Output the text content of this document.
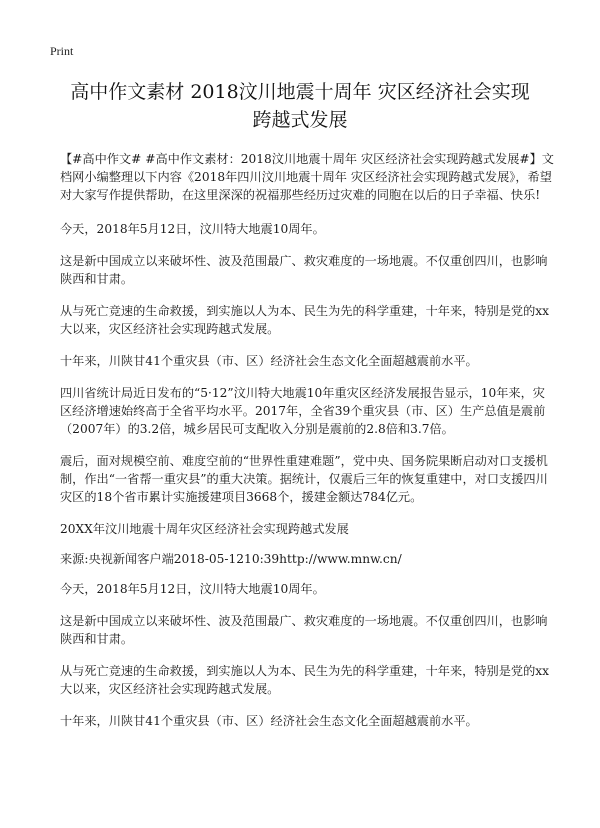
Print
高中作文素材 2018汶川地震十周年 灾区经济社会实现
跨越式发展

【#高中作文# #高中作文素材：2018汶川地震十周年 灾区经济社会实现跨越式发展#】文档网小编整理以下内容《2018年四川汶川地震十周年 灾区经济社会实现跨越式发展》，希望对大家写作提供帮助，在这里深深的祝福那些经历过灾难的同胞在以后的日子幸福、快乐!

今天，2018年5月12日，汶川特大地震10周年。

这是新中国成立以来破坏性、波及范围最广、救灾难度的一场地震。不仅重创四川，也影响陕西和甘肃。

从与死亡竞速的生命救援，到实施以人为本、民生为先的科学重建，十年来，特别是党的xx大以来，灾区经济社会实现跨越式发展。

十年来，川陕甘41个重灾县（市、区）经济社会生态文化全面超越震前水平。

四川省统计局近日发布的“5·12”汶川特大地震10年重灾区经济发展报告显示，10年来，灾区经济增速始终高于全省平均水平。2017年，全省39个重灾县（市、区）生产总值是震前（2007年）的3.2倍，城乡居民可支配收入分别是震前的2.8倍和3.7倍。

震后，面对规模空前、难度空前的“世界性重建难题”，党中央、国务院果断启动对口支援机制，作出“一省帮一重灾县”的重大决策。据统计，仅震后三年的恢复重建中，对口支援四川灾区的18个省市累计实施援建项目3668个，援建金额达784亿元。

20XX年汶川地震十周年灾区经济社会实现跨越式发展

来源:央视新闻客户端2018-05-1210:39http://www.mnw.cn/

今天，2018年5月12日，汶川特大地震10周年。

这是新中国成立以来破坏性、波及范围最广、救灾难度的一场地震。不仅重创四川，也影响陕西和甘肃。

从与死亡竞速的生命救援，到实施以人为本、民生为先的科学重建，十年来，特别是党的xx大以来，灾区经济社会实现跨越式发展。

十年来，川陕甘41个重灾县（市、区）经济社会生态文化全面超越震前水平。
